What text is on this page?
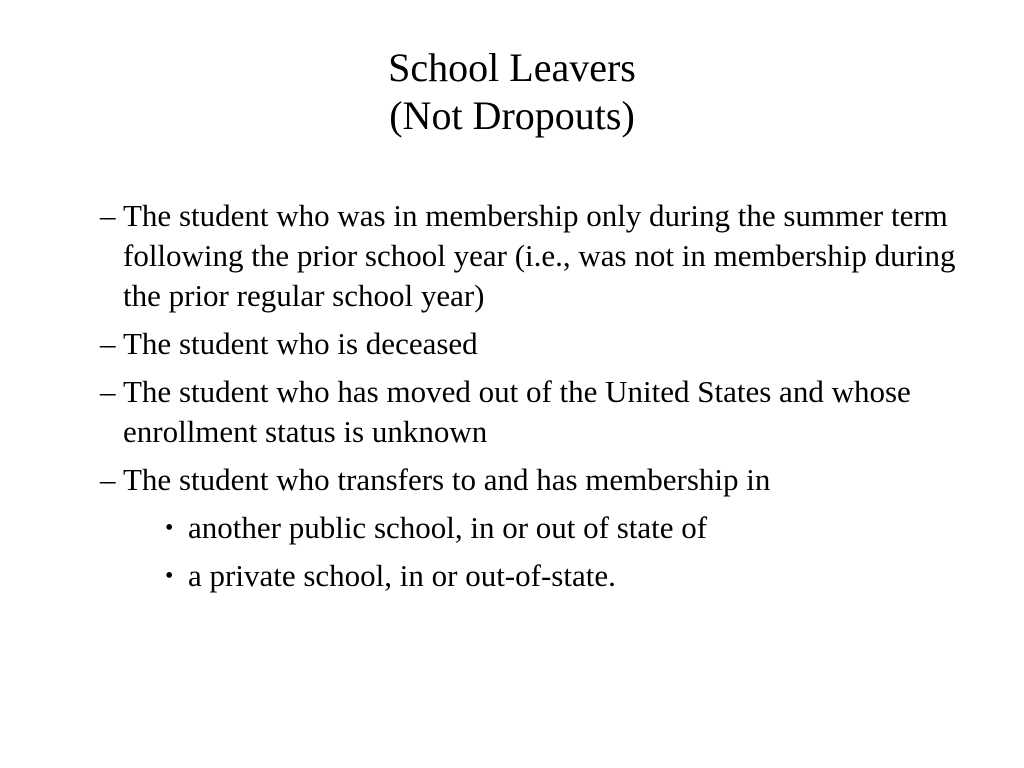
School Leavers
(Not Dropouts)
– The student who was in membership only during the summer term following the prior school year (i.e., was not in membership during the prior regular school year)
– The student who is deceased
– The student who has moved out of the United States and whose enrollment status is unknown
– The student who transfers to and has membership in
• another public school, in or out of state of
• a private school, in or out-of-state.
